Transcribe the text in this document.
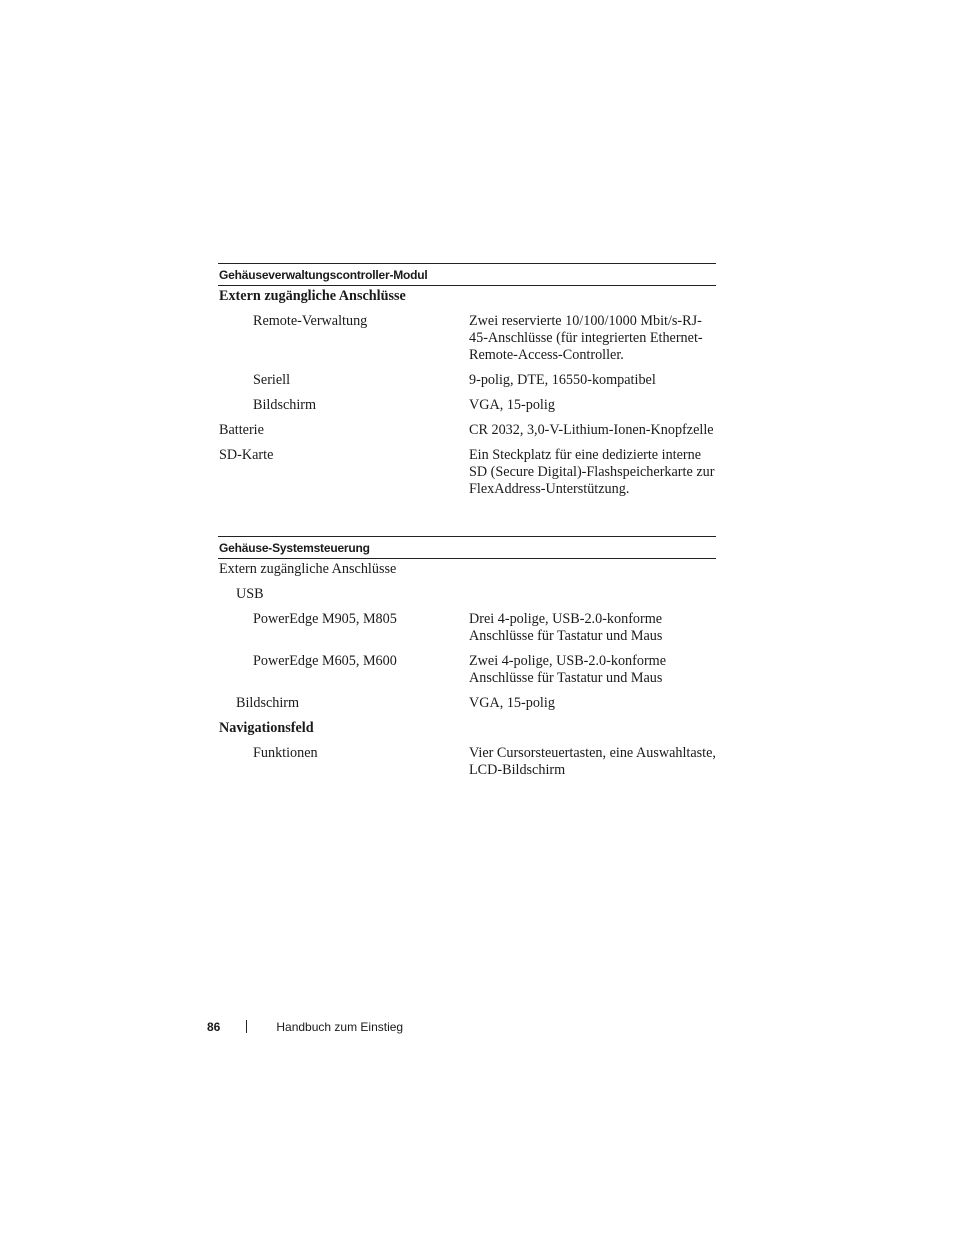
Gehäuseverwaltungscontroller-Modul
Extern zugängliche Anschlüsse
Remote-Verwaltung	Zwei reservierte 10/100/1000 Mbit/s-RJ-45-Anschlüsse (für integrierten Ethernet-Remote-Access-Controller.
Seriell	9-polig, DTE, 16550-kompatibel
Bildschirm	VGA, 15-polig
Batterie	CR 2032, 3,0-V-Lithium-Ionen-Knopfzelle
SD-Karte	Ein Steckplatz für eine dedizierte interne SD (Secure Digital)-Flashspeicherkarte zur FlexAddress-Unterstützung.
Gehäuse-Systemsteuerung
Extern zugängliche Anschlüsse
USB
PowerEdge M905, M805	Drei 4-polige, USB-2.0-konforme Anschlüsse für Tastatur und Maus
PowerEdge M605, M600	Zwei 4-polige, USB-2.0-konforme Anschlüsse für Tastatur und Maus
Bildschirm	VGA, 15-polig
Navigationsfeld
Funktionen	Vier Cursorsteuertasten, eine Auswahltaste, LCD-Bildschirm
86	Handbuch zum Einstieg
